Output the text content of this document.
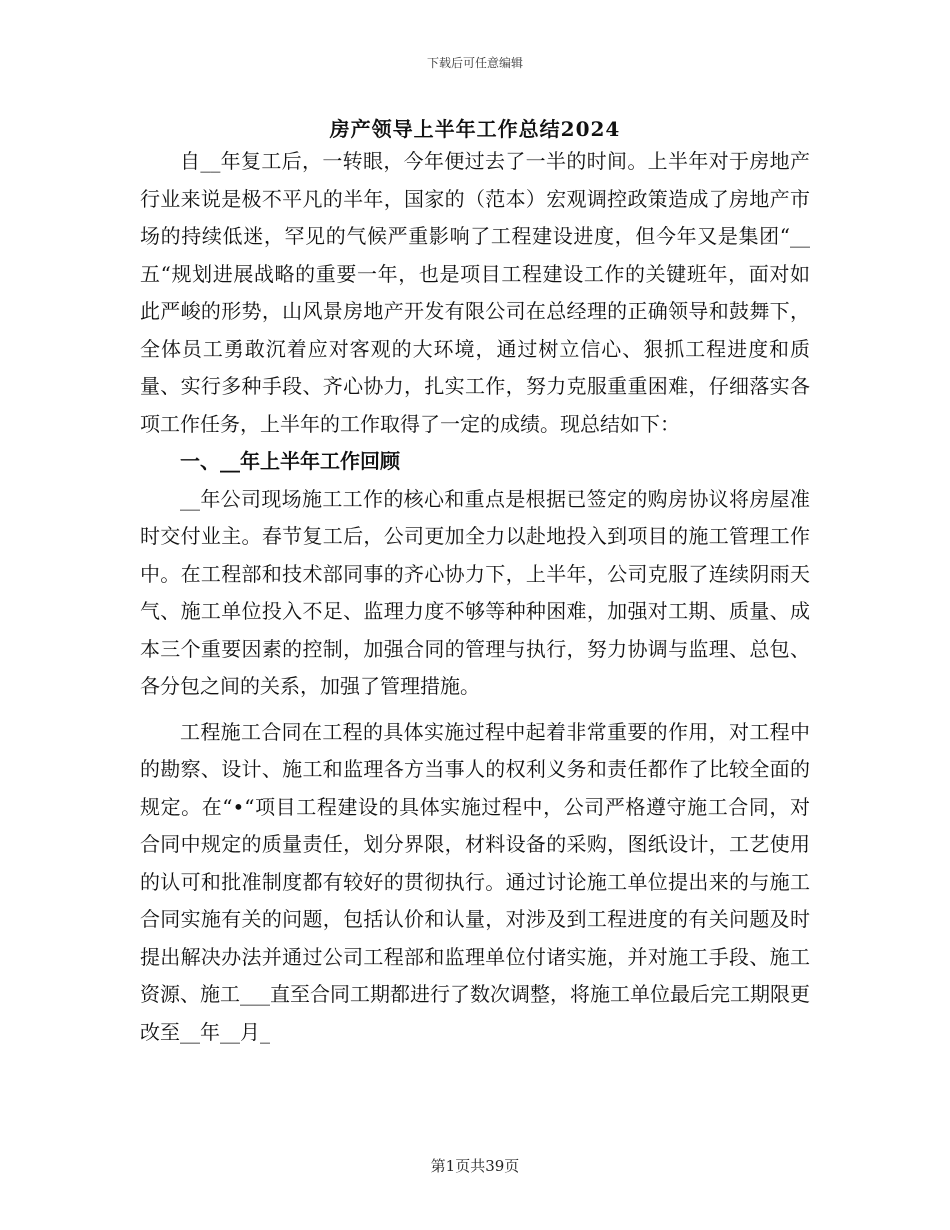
下载后可任意编辑
房产领导上半年工作总结2024

自__年复工后，一转眼，今年便过去了一半的时间。上半年对于房地产行业来说是极不平凡的半年，国家的（范本）宏观调控政策造成了房地产市场的持续低迷，罕见的气候严重影响了工程建设进度，但今年又是集团“__五“规划进展战略的重要一年，也是项目工程建设工作的关键班年，面对如此严峻的形势，山风景房地产开发有限公司在总经理的正确领导和鼓舞下，全体员工勇敢沉着应对客观的大环境，通过树立信心、狠抓工程进度和质量、实行多种手段、齐心协力，扎实工作，努力克服重重困难，仔细落实各项工作任务，上半年的工作取得了一定的成绩。现总结如下：

一、__年上半年工作回顾

__年公司现场施工工作的核心和重点是根据已签定的购房协议将房屋准时交付业主。春节复工后，公司更加全力以赴地投入到项目的施工管理工作中。在工程部和技术部同事的齐心协力下，上半年，公司克服了连续阴雨天气、施工单位投入不足、监理力度不够等种种困难，加强对工期、质量、成本三个重要因素的控制，加强合同的管理与执行，努力协调与监理、总包、各分包之间的关系，加强了管理措施。

工程施工合同在工程的具体实施过程中起着非常重要的作用，对工程中的勘察、设计、施工和监理各方当事人的权利义务和责任都作了比较全面的规定。在“•“项目工程建设的具体实施过程中，公司严格遵守施工合同，对合同中规定的质量责任，划分界限，材料设备的采购，图纸设计，工艺使用的认可和批准制度都有较好的贯彻执行。通过讨论施工单位提出来的与施工合同实施有关的问题，包括认价和认量，对涉及到工程进度的有关问题及时提出解决办法并通过公司工程部和监理单位付诸实施，并对施工手段、施工资源、施工___直至合同工期都进行了数次调整，将施工单位最后完工期限更改至__年__月_

第1页共39页
